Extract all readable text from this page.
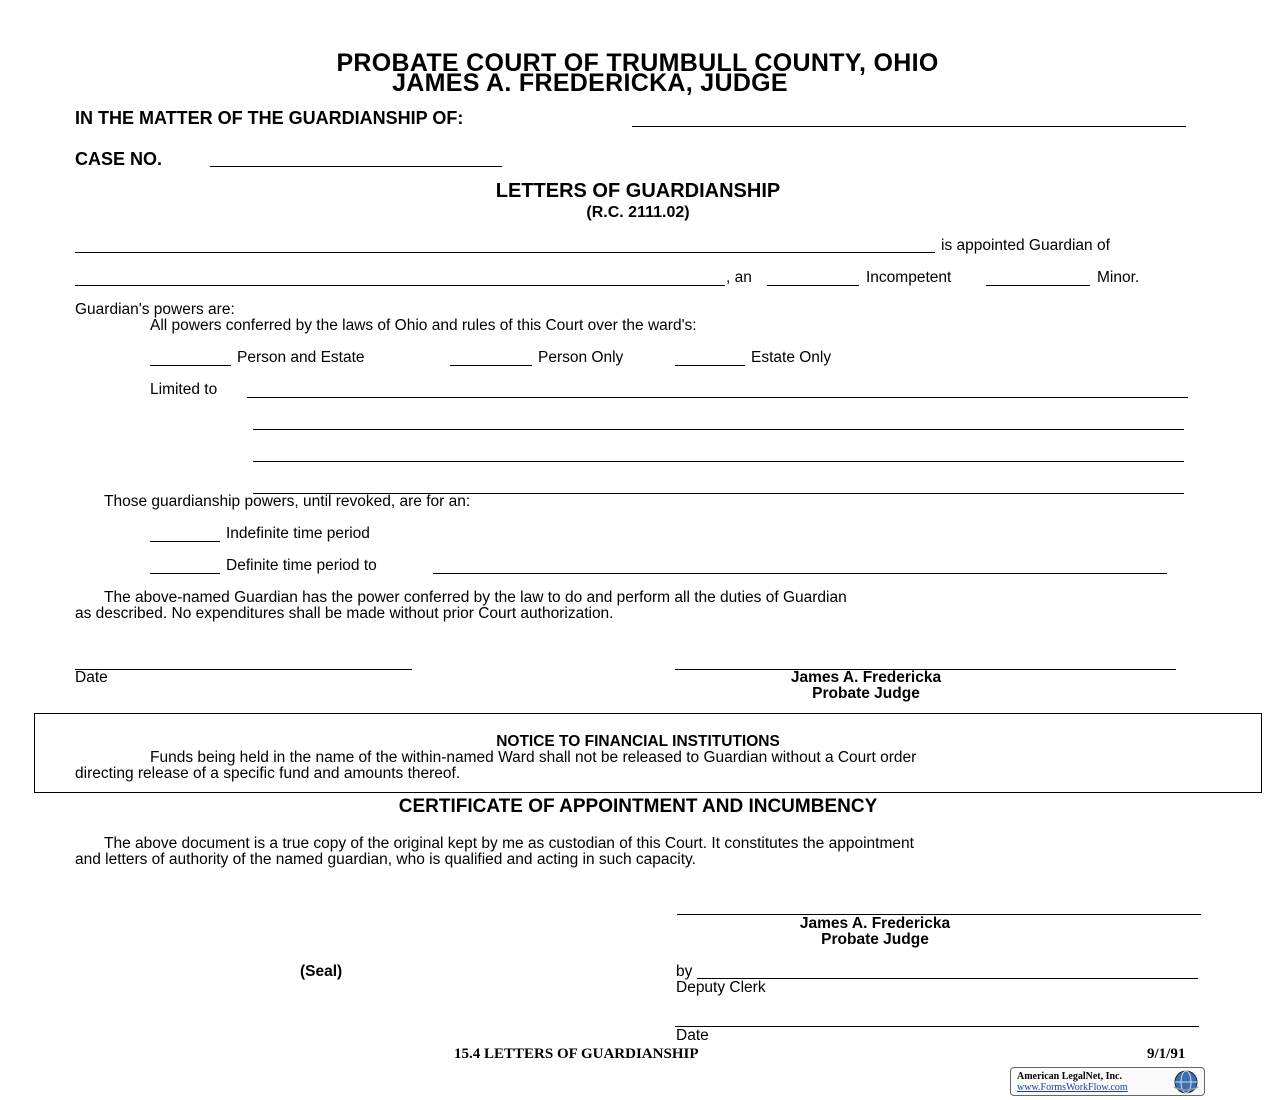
PROBATE COURT OF TRUMBULL COUNTY, OHIO
JAMES A. FREDERICKA, JUDGE
IN THE MATTER OF THE GUARDIANSHIP OF:
CASE NO.
LETTERS OF GUARDIANSHIP
(R.C. 2111.02)
is appointed Guardian of
, an	Incompetent	Minor.
Guardian's powers are:
All powers conferred by the laws of Ohio and rules of this Court over the ward's:
Person and Estate	Person Only	Estate Only
Limited to
Those guardianship powers, until revoked, are for an:
Indefinite time period
Definite time period to
The above-named Guardian has the power conferred by the law to do and perform all the duties of Guardian
as described. No expenditures shall be made without prior Court authorization.
Date	James A. Fredericka
Probate Judge
NOTICE TO FINANCIAL INSTITUTIONS
Funds being held in the name of the within-named Ward shall not be released to Guardian without a Court order
directing release of a specific fund and amounts thereof.
CERTIFICATE OF APPOINTMENT AND INCUMBENCY
The above document is a true copy of the original kept by me as custodian of this Court. It constitutes the appointment
and letters of authority of the named guardian, who is qualified and acting in such capacity.
James A. Fredericka
Probate Judge
(Seal)	by
Deputy Clerk
Date
15.4 LETTERS OF GUARDIANSHIP	9/1/91
American LegalNet, Inc.
www.FormsWorkFlow.com
